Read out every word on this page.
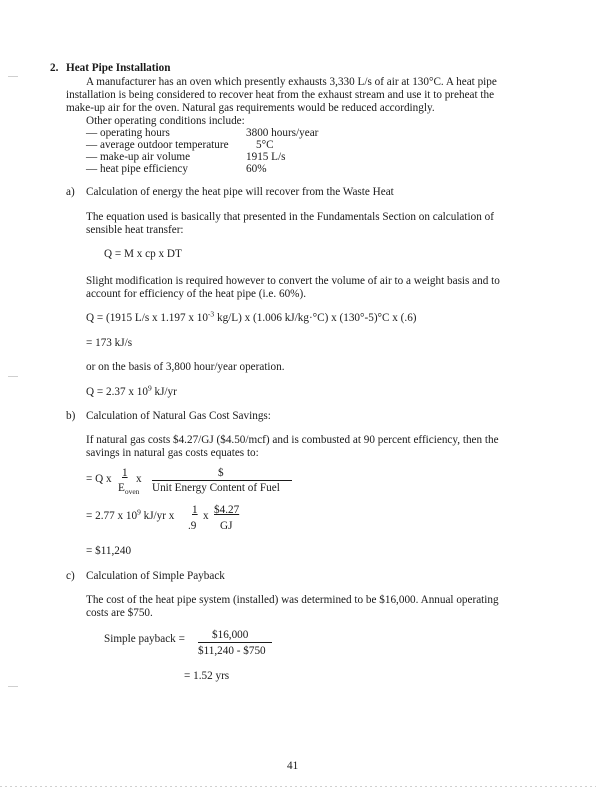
2. Heat Pipe Installation
A manufacturer has an oven which presently exhausts 3,330 L/s of air at 130°C. A heat pipe
installation is being considered to recover heat from the exhaust stream and use it to preheat the
make-up air for the oven. Natural gas requirements would be reduced accordingly.
Other operating conditions include:
— operating hours	3800 hours/year
— average outdoor temperature 5°C
— make-up air volume	1915 L/s
— heat pipe efficiency	60%
a) Calculation of energy the heat pipe will recover from the Waste Heat
The equation used is basically that presented in the Fundamentals Section on calculation of
sensible heat transfer:
Q = M x cp x DT
Slight modification is required however to convert the volume of air to a weight basis and to
account for efficiency of the heat pipe (i.e. 60%).
Q = (1915 L/s x 1.197 x $10^{-3}$ kg/L) x (1.006 kJ/kg·°C) x (130°-5)°C x (.6)
= 173 kJ/s
or on the basis of 3,800 hour/year operation.
Q = 2.37 x $10^9$ kJ/yr
b) Calculation of Natural Gas Cost Savings:
If natural gas costs $4.27/GJ ($4.50/mcf) and is combusted at 90 percent efficiency, then the
savings in natural gas costs equates to:
= Q x 1
$E_{oven}$
x	$
Unit Energy Content of Fuel
= 2.77 x $10^9$ kJ/yr x 1
.9
x $4.27
GJ
= $11,240
c) Calculation of Simple Payback
The cost of the heat pipe system (installed) was determined to be $16,000. Annual operating
costs are $750.
Simple payback = $16,000
$11,240 - $750
= 1.52 yrs
41
